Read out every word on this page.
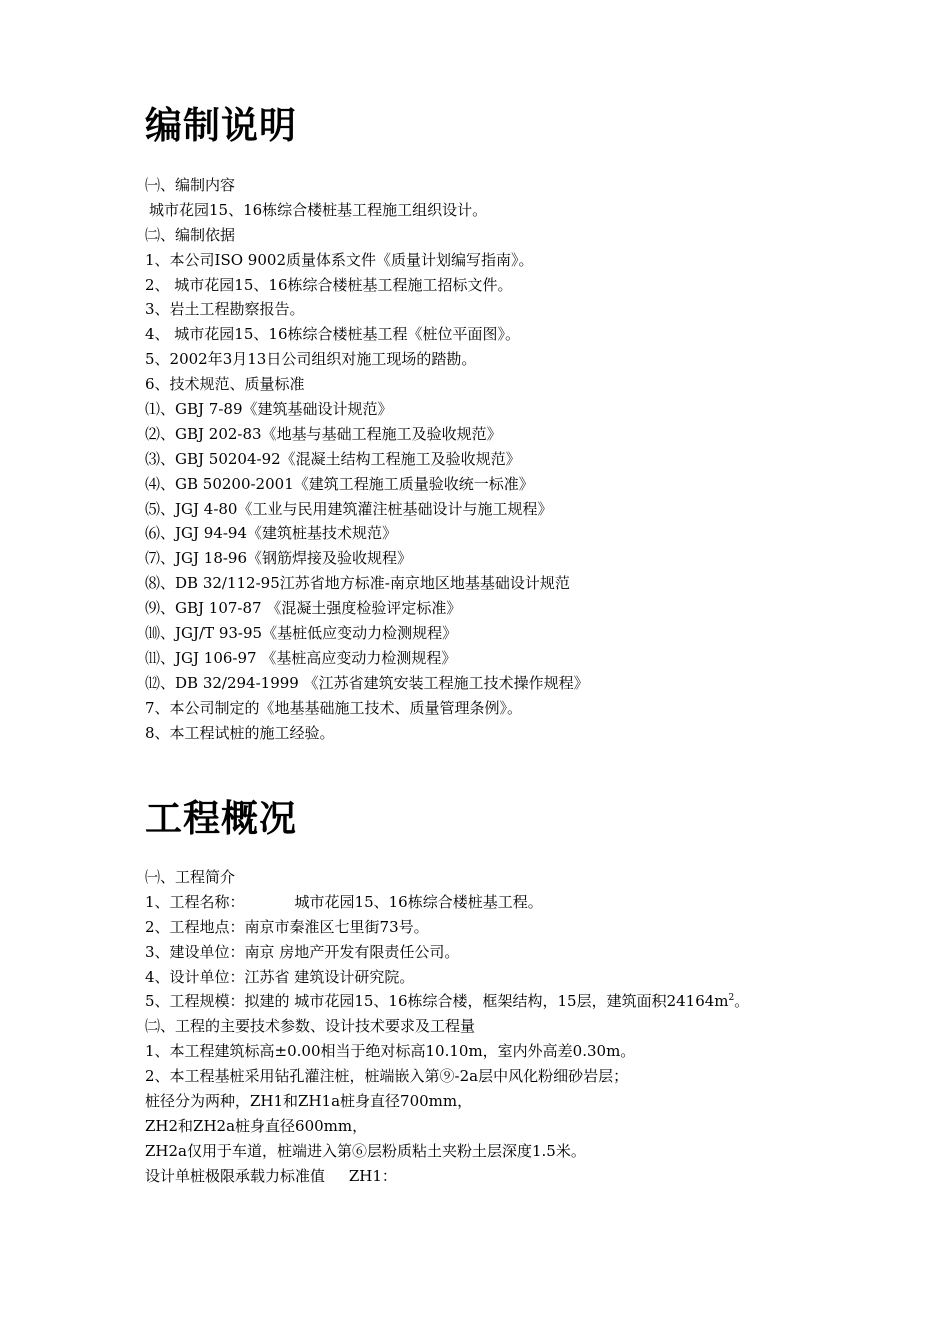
编制说明
㈠、编制内容
城市花园15、16栋综合楼桩基工程施工组织设计。
㈡、编制依据
1、本公司ISO 9002质量体系文件《质量计划编写指南》。
2、 城市花园15、16栋综合楼桩基工程施工招标文件。
3、岩土工程勘察报告。
4、 城市花园15、16栋综合楼桩基工程《桩位平面图》。
5、2002年3月13日公司组织对施工现场的踏勘。
6、技术规范、质量标准
⑴、GBJ 7-89《建筑基础设计规范》
⑵、GBJ 202-83《地基与基础工程施工及验收规范》
⑶、GBJ 50204-92《混凝土结构工程施工及验收规范》
⑷、GB 50200-2001《建筑工程施工质量验收统一标准》
⑸、JGJ 4-80《工业与民用建筑灌注桩基础设计与施工规程》
⑹、JGJ 94-94《建筑桩基技术规范》
⑺、JGJ 18-96《钢筋焊接及验收规程》
⑻、DB 32/112-95江苏省地方标准-南京地区地基基础设计规范
⑼、GBJ 107-87 《混凝土强度检验评定标准》
⑽、JGJ/T 93-95《基桩低应变动力检测规程》
⑾、JGJ 106-97 《基桩高应变动力检测规程》
⑿、DB 32/294-1999 《江苏省建筑安装工程施工技术操作规程》
7、本公司制定的《地基基础施工技术、质量管理条例》。
8、本工程试桩的施工经验。
工程概况
㈠、工程简介
1、工程名称：	城市花园15、16栋综合楼桩基工程。
2、工程地点：南京市秦淮区七里街73号。
3、建设单位：南京 房地产开发有限责任公司。
4、设计单位：江苏省 建筑设计研究院。
5、工程规模：拟建的 城市花园15、16栋综合楼，框架结构，15层，建筑面积$24164m^2$。
㈡、工程的主要技术参数、设计技术要求及工程量
1、本工程建筑标高±0.00相当于绝对标高10.10m，室内外高差0.30m。
2、本工程基桩采用钻孔灌注桩，桩端嵌入第⑨-2a层中风化粉细砂岩层；
桩径分为两种，ZH1和ZH1a桩身直径700mm，
ZH2和ZH2a桩身直径600mm，
ZH2a仅用于车道，桩端进入第⑥层粉质粘土夹粉土层深度1.5米。
设计单桩极限承载力标准值     ZH1：
